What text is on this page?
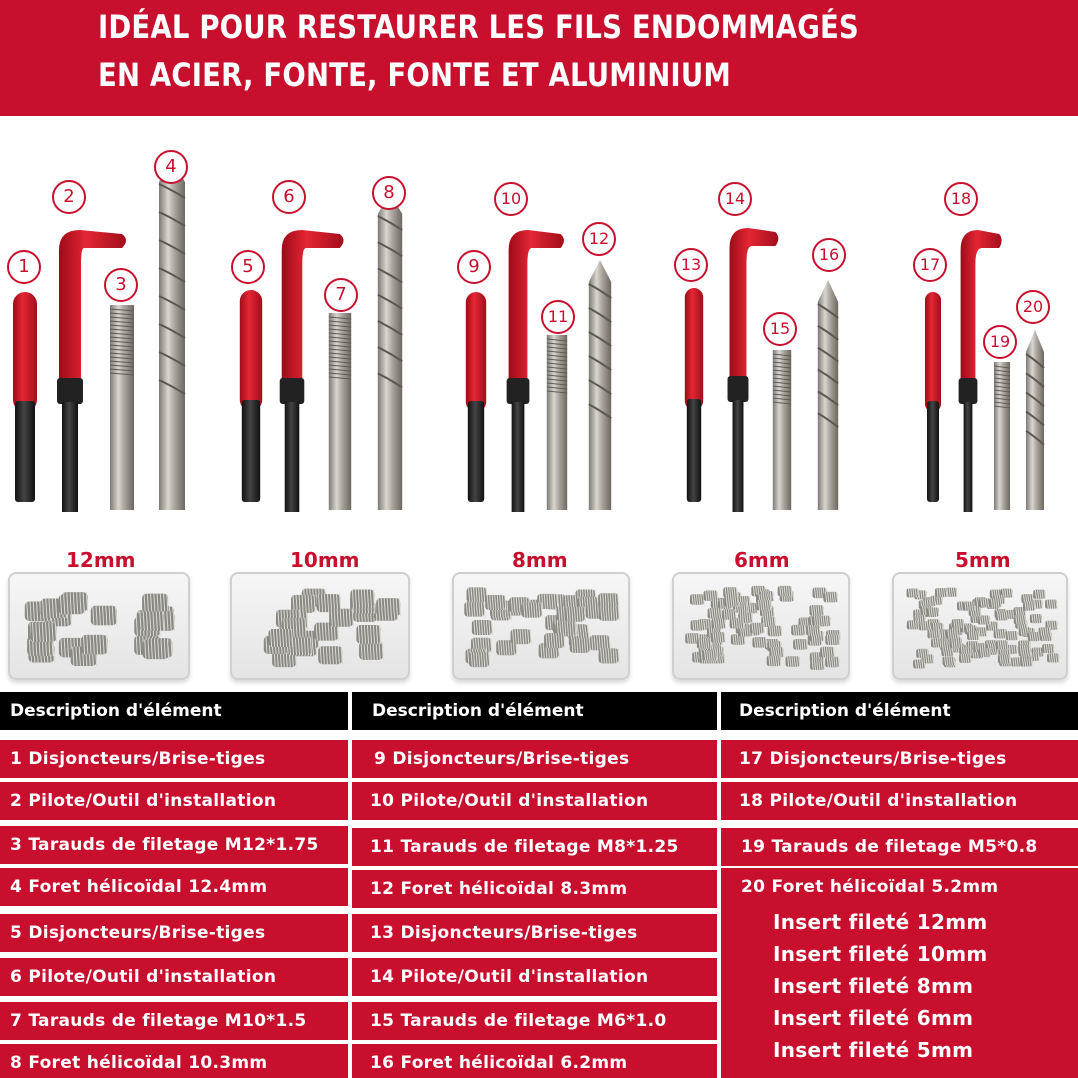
IDÉAL POUR RESTAURER LES FILS ENDOMMAGÉS
EN ACIER, FONTE, FONTE ET ALUMINIUM
1
2
3
4
5
6
7
8
9
10
11
12
13
14
15
16
17
18
19
20
12mm	10mm	8mm	6mm	5mm
Description d'élément
1 Disjoncteurs/Brise-tiges
2 Pilote/Outil d'installation
3 Tarauds de filetage M12*1.75
4 Foret hélicoïdal 12.4mm
5 Disjoncteurs/Brise-tiges
6 Pilote/Outil d'installation
7 Tarauds de filetage M10*1.5
8 Foret hélicoïdal 10.3mm
Description d'élément
9 Disjoncteurs/Brise-tiges
10 Pilote/Outil d'installation
11 Tarauds de filetage M8*1.25
12 Foret hélicoïdal 8.3mm
13 Disjoncteurs/Brise-tiges
14 Pilote/Outil d'installation
15 Tarauds de filetage M6*1.0
16 Foret hélicoïdal 6.2mm
Description d'élément
17 Disjoncteurs/Brise-tiges
18 Pilote/Outil d'installation
19 Tarauds de filetage M5*0.8
20 Foret hélicoïdal 5.2mm
Insert fileté 12mm
Insert fileté 10mm
Insert fileté 8mm
Insert fileté 6mm
Insert fileté 5mm
